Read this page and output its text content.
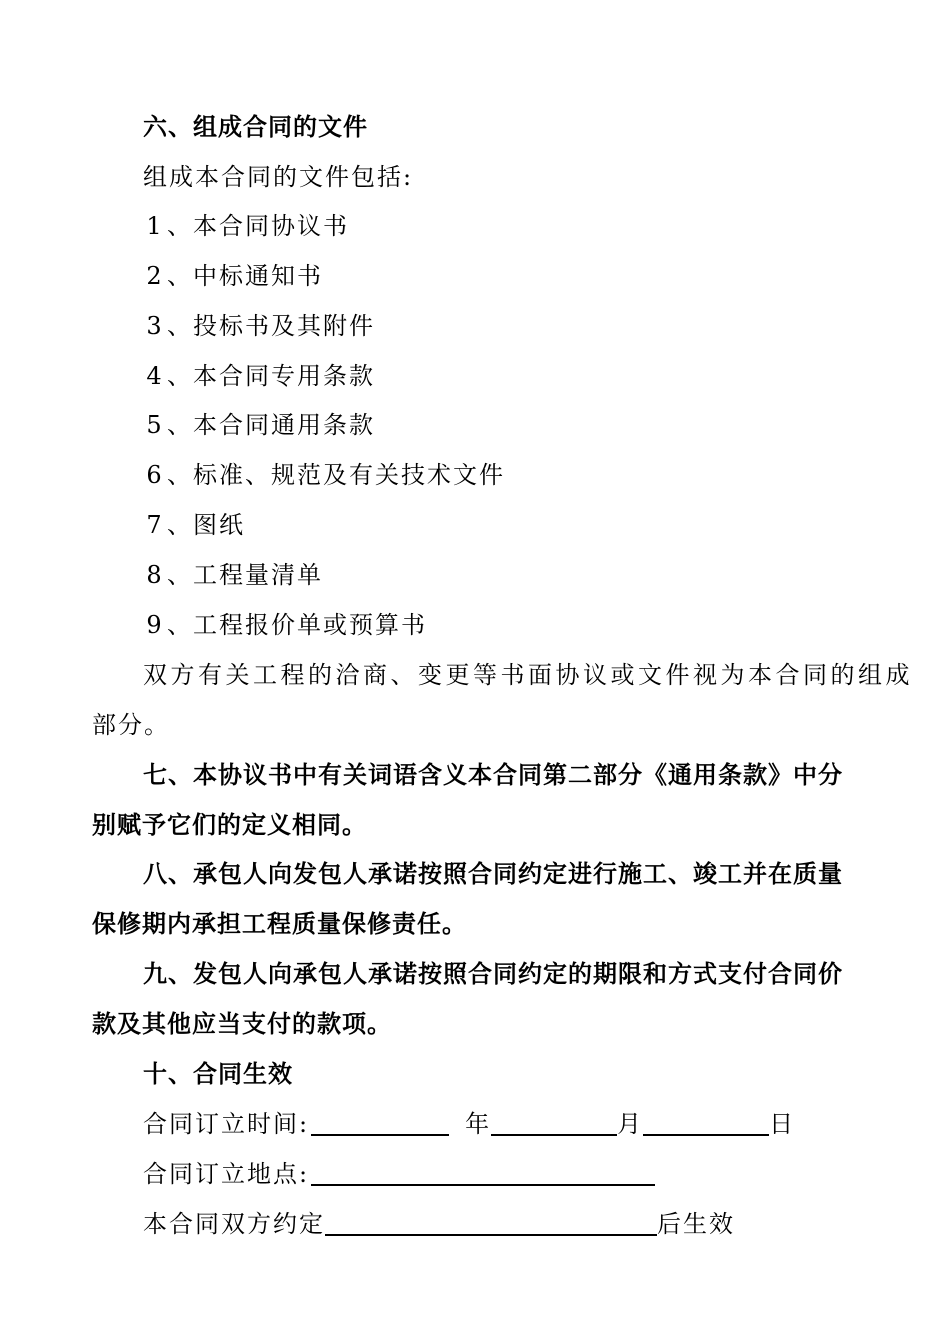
六、组成合同的文件
组成本合同的文件包括:
1 、本合同协议书
2 、中标通知书
3 、投标书及其附件
4 、本合同专用条款
5 、本合同通用条款
6 、标准、规范及有关技术文件
7 、图纸
8 、工程量清单
9 、工程报价单或预算书
双方有关工程的洽商、变更等书面协议或文件视为本合同的组成
部分。
七、本协议书中有关词语含义本合同第二部分《通用条款》中分
别赋予它们的定义相同。
八、承包人向发包人承诺按照合同约定进行施工、竣工并在质量
保修期内承担工程质量保修责任。
九、发包人向承包人承诺按照合同约定的期限和方式支付合同价
款及其他应当支付的款项。
十、合同生效
合同订立时间:	年	月	日
合同订立地点:
本合同双方约定	后生效
